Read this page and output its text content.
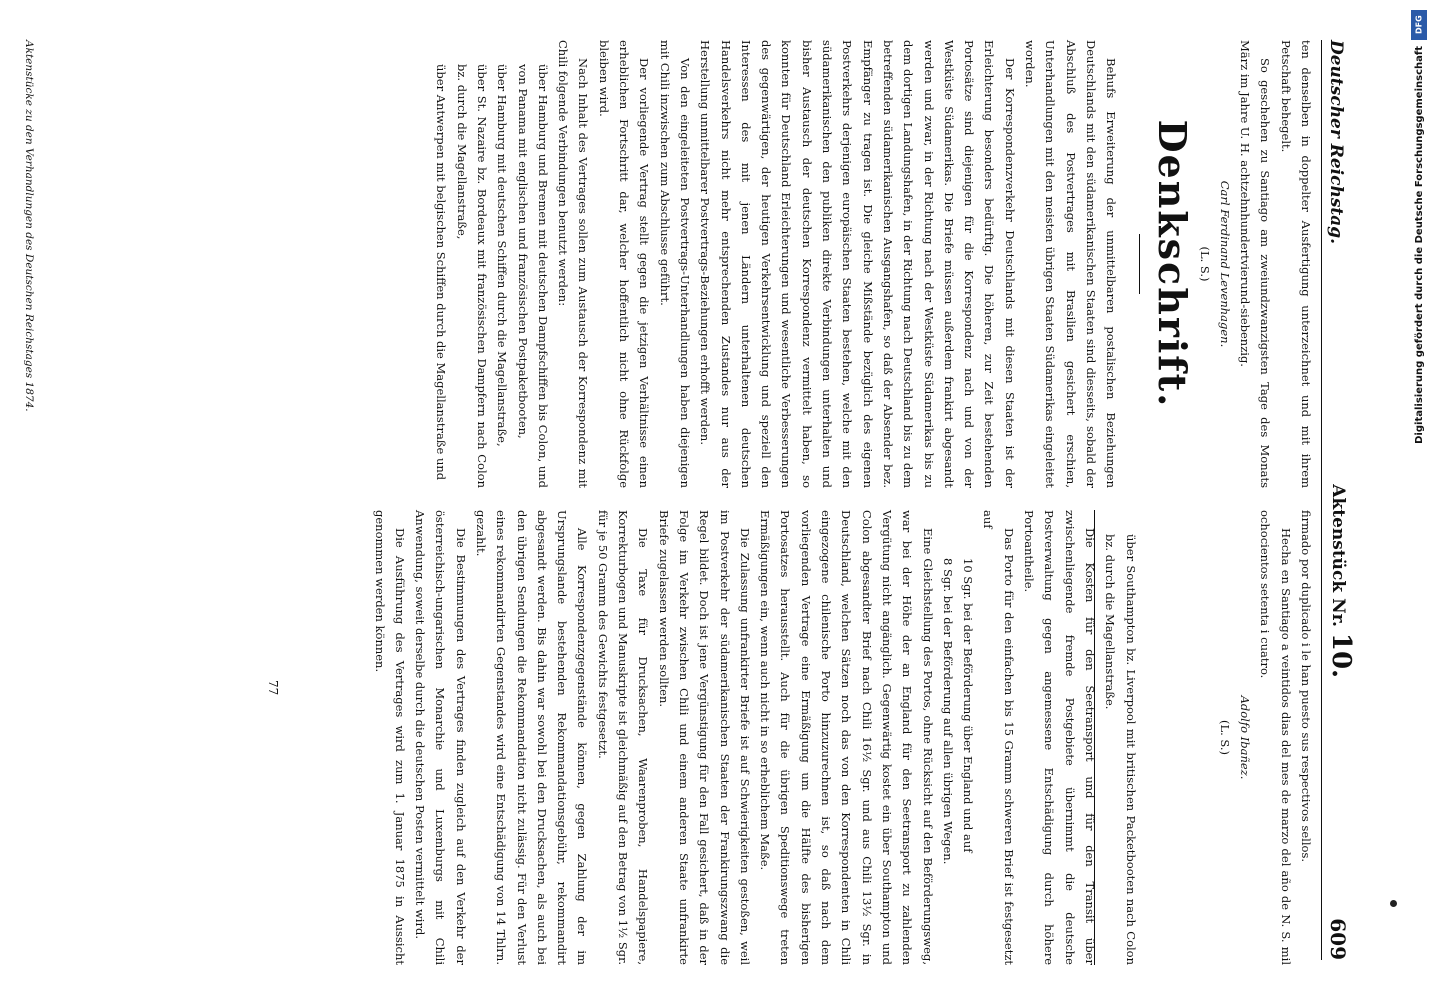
Deutscher Reichstag.
Aktenstück Nr. 10.
609

ten denselben in doppelter Ausfertigung unterzeichnet und mit ihrem Petschaft behegelt.

So geschehen zu Santiago am zweiundzwanzigsten Tage des Monats März im Jahre U. H. achtzehnhundertvierund-siebenzig.

Carl Ferdinand Levenhagen.

(L. S.)

Denkschrift.

Behufs Erweiterung der unmittelbaren postalischen Beziehungen Deutschlands mit den südamerikanischen Staaten sind diesseits, sobald der Abschluß des Postvertrages mit Brasilien gesichert erschien, Unterhandlungen mit den meisten übrigen Staaten Südamerikas eingeleitet worden.

Der Korrespondenzverkehr Deutschlands mit diesen Staaten ist der Erleichterung besonders bedürftig. Die höheren, zur Zeit bestehenden Portosätze sind diejenigen für die Korrespondenz nach und von der Westküste Südamerikas. Die Briefe müssen außerdem frankirt abgesandt werden und zwar, in der Richtung nach der Westküste Südamerikas bis zu dem dortigen Landungshafen, in der Richtung nach Deutschland bis zu dem betreffenden südamerikanischen Ausgangshafen, so daß der Absender bez. Empfänger zu tragen ist. Die gleiche Mißstände bezüglich des eigenen Postverkehrs derjenigen europäischen Staaten bestehen, welche mit den südamerikanischen den publiken direkte Verbindungen unterhalten und bisher Austausch der deutschen Korrespondenz vermittelt haben, so konnten für Deutschland Erleichterungen und wesentliche Verbesserungen des gegenwärtigen, der heutigen Verkehrsentwicklung und speziell den Interessen des mit jenen Ländern unterhaltenen deutschen Handelsverkehrs nicht mehr entsprechenden Zustandes nur aus der Herstellung unmittelbarer Postvertrags-Beziehungen erhofft werden.

Von den eingeleiteten Postvertrags-Unterhandlungen haben diejenigen mit Chili inzwischen zum Abschlusse geführt.

Der vorliegende Vertrag stellt gegen die jetzigen Verhältnisse einen erheblichen Fortschritt dar, welcher hoffentlich nicht ohne Rückfolge bleiben wird.

Nach Inhalt des Vertrages sollen zum Austausch der Korrespondenz mit Chili folgende Verbindungen benutzt werden:

über Hamburg und Bremen mit deutschen Dampfschiffen bis Colon, und von Panama mit englischen und französischen Postpaketbooten,

über Hamburg mit deutschen Schiffen durch die Magellanstraße,

über St. Nazaire bz. Bordeaux mit französischen Dampfern nach Colon bz. durch die Magellanstraße,

über Antwerpen mit belgischen Schiffen durch die Magellanstraße und

firmado por duplicado i le han puesto sus respectivos sellos.

Hecha en Santiago a veintidos dias del mes de marzo del año de N. S. mil ochocientos setenta i cuatro.

Adolfo Ibañez.

(L. S.)

über Southampton bz. Liverpool mit britischen Packetbooten nach Colon bz. durch die Magellanstraße.

Die Kosten für den Seetransport und für den Transit über zwischenliegende fremde Postgebiete übernimmt die deutsche Postverwaltung gegen angemessene Entschädigung durch höhere Portoantheile.

Das Porto für den einfachen bis 15 Gramm schweren Brief ist festgesetzt auf

10 Sgr. bei der Beförderung über England und auf

8 Sgr. bei der Beförderung auf allen übrigen Wegen.

Eine Gleichstellung des Portos, ohne Rücksicht auf den Beförderungsweg, war bei der Höhe der an England für den Seetransport zu zahlenden Vergütung nicht angänglich. Gegenwärtig kostet ein über Southampton und Colon abgesandter Brief nach Chili 16½ Sgr. und aus Chili 13½ Sgr. in Deutschland, welchen Sätzen noch das von den Korrespondenten in Chili eingezogene chilenische Porto hinzuzurechnen ist, so daß nach dem vorliegenden Vertrage eine Ermäßigung um die Hälfte des bisherigen Portosatzes herausstellt. Auch für die übrigen Speditionswege treten Ermäßigungen ein, wenn auch nicht in so erheblichem Maße.

Die Zulassung unfrankirter Briefe ist auf Schwierigkeiten gestoßen, weil im Postverkehr der südamerikanischen Staaten der Frankirungszwang die Regel bildet. Doch ist jene Vergünstigung für den Fall gesichert, daß in der Folge im Verkehr zwischen Chili und einem anderen Staate unfrankirte Briefe zugelassen werden sollten.

Die Taxe für Drucksachen, Waarenproben, Handelspapiere, Korrekturbogen und Manuskripte ist gleichmäßig auf den Betrag von 1½ Sgr. für je 50 Gramm des Gewichts festgesetzt.

Alle Korrespondenzgegenstände können, gegen Zahlung der im Ursprungslande bestehenden Rekommandationsgebühr, rekommandirt abgesandt werden. Bis dahin war sowohl bei den Drucksachen, als auch bei den übrigen Sendungen die Rekommandation nicht zulässig. Für den Verlust eines rekommandirten Gegenstandes wird eine Entschädigung von 14 Thlrn. gezahlt.

Die Bestimmungen des Vertrages finden zugleich auf den Verkehr der österreichisch-ungarischen Monarchie und Luxemburgs mit Chili Anwendung, soweit derselbe durch die deutschen Posten vermittelt wird.

Die Ausführung des Vertrages wird zum 1. Januar 1875 in Aussicht genommen werden können.

77
Aktenstücke zu den Verhandlungen des Deutschen Reichstages 1874.
DFG
Digitalisierung gefördert durch die Deutsche Forschungsgemeinschaft
